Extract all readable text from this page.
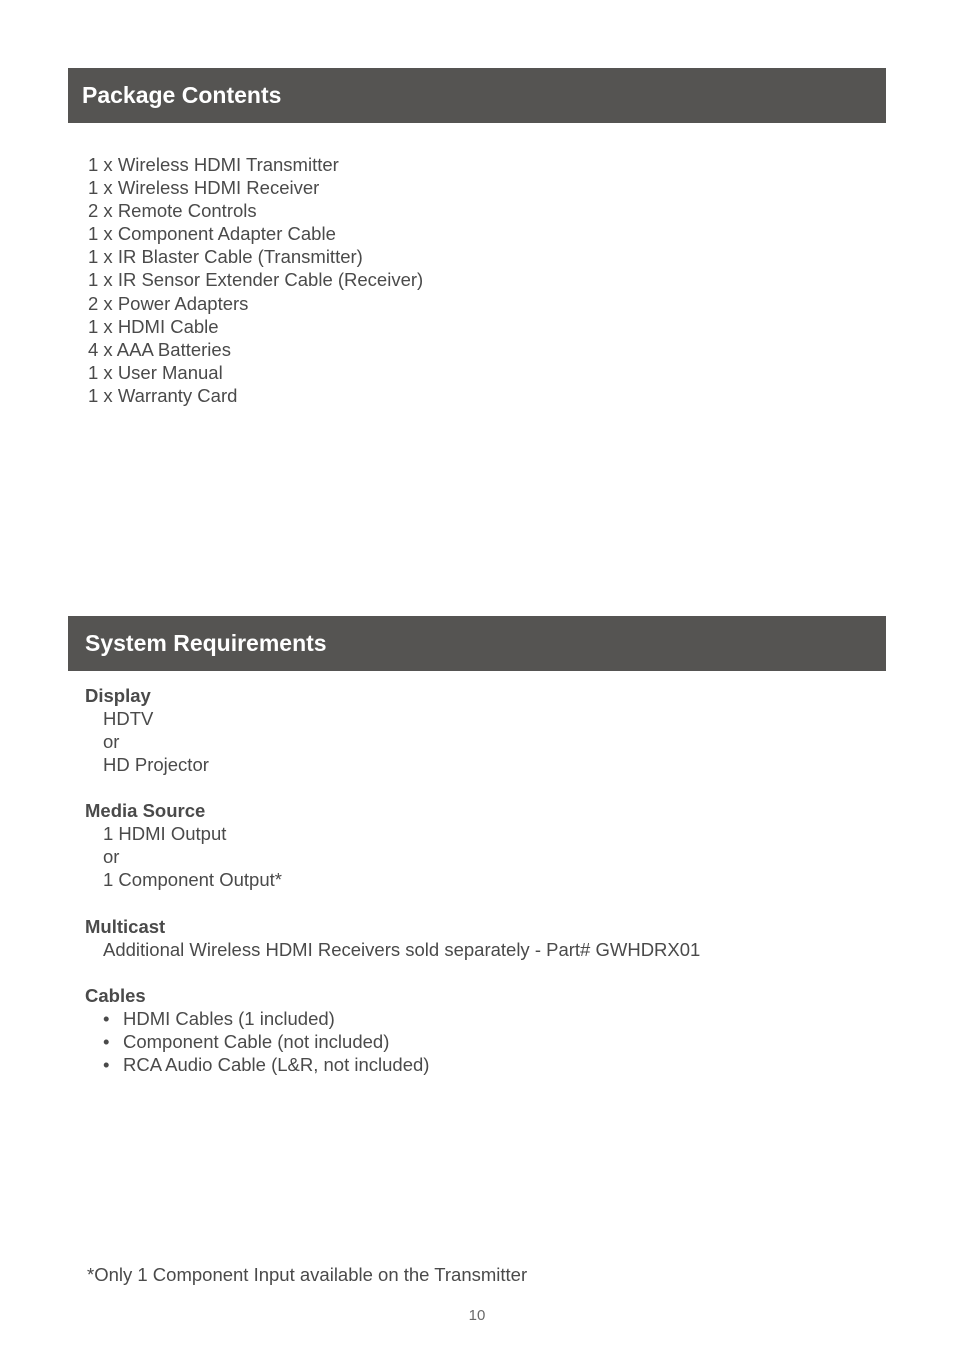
Package Contents
1 x Wireless HDMI Transmitter
1 x Wireless HDMI Receiver
2 x Remote Controls
1 x Component Adapter Cable
1 x IR Blaster Cable (Transmitter)
1 x IR Sensor Extender Cable (Receiver)
2 x Power Adapters
1 x HDMI Cable
4 x AAA Batteries
1 x User Manual
1 x Warranty Card
System Requirements
Display
HDTV
or
HD Projector
Media Source
1 HDMI Output
or
1 Component Output*
Multicast
Additional Wireless HDMI Receivers sold separately - Part# GWHDRX01
Cables
• HDMI Cables (1 included)
• Component Cable (not included)
• RCA Audio Cable (L&R, not included)
*Only 1 Component Input available on the Transmitter
10
